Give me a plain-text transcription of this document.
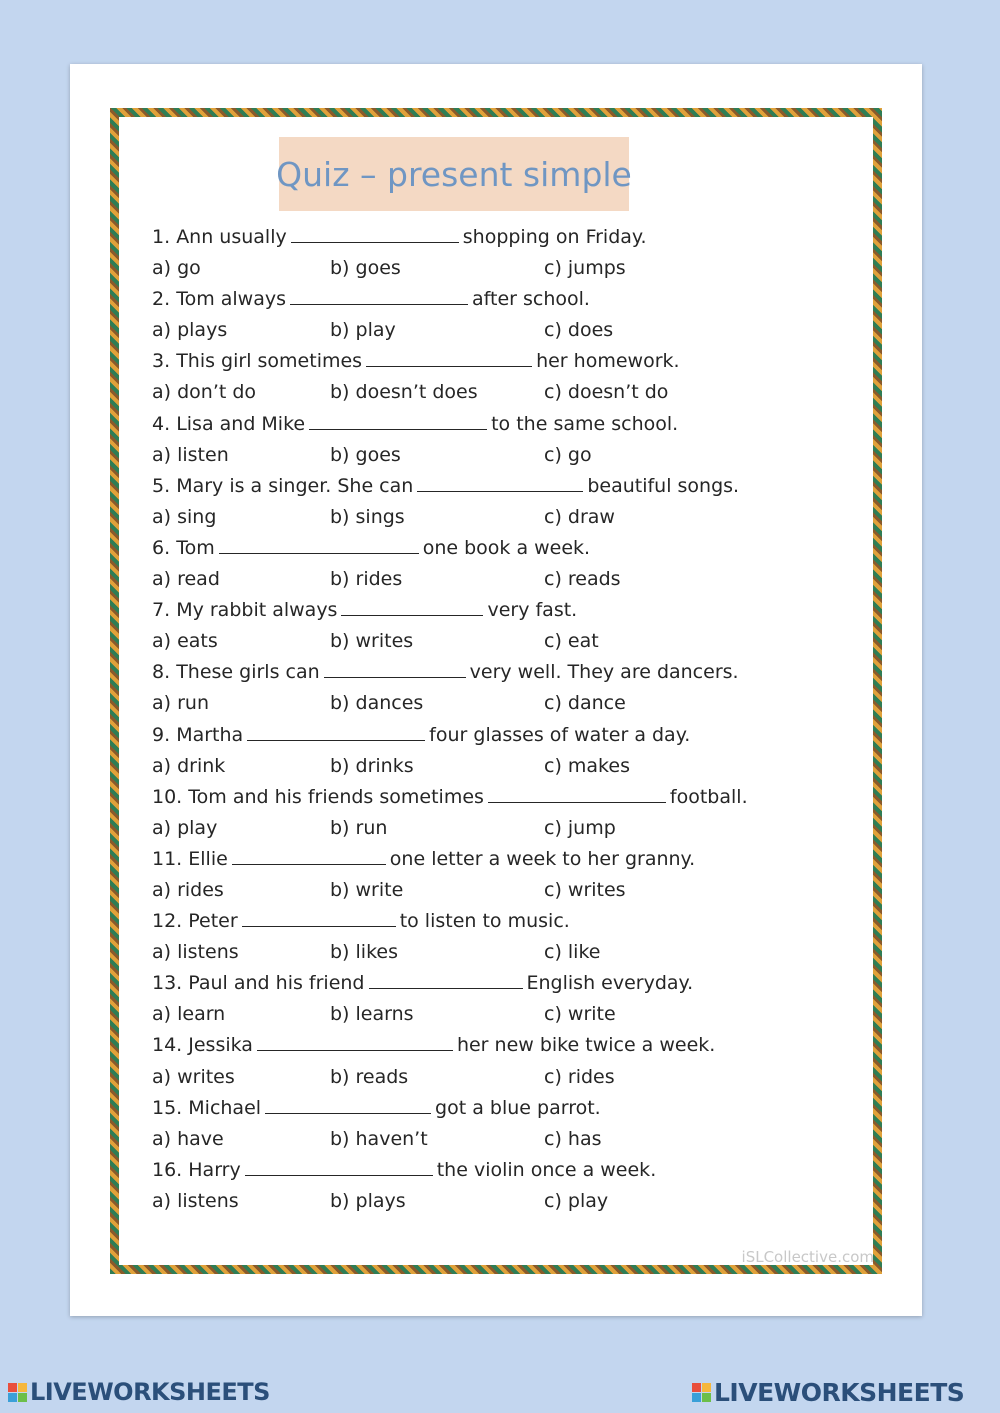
Quiz – present simple
1. Ann usually	shopping on Friday.
a) go	b) goes	c) jumps
2. Tom always	after school.
a) plays	b) play	c) does
3. This girl sometimes	her homework.
a) don’t do	b) doesn’t does	c) doesn’t do
4. Lisa and Mike	to the same school.
a) listen	b) goes	c) go
5. Mary is a singer. She can	beautiful songs.
a) sing	b) sings	c) draw
6. Tom	one book a week.
a) read	b) rides	c) reads
7. My rabbit always	very fast.
a) eats	b) writes	c) eat
8. These girls can	very well. They are dancers.
a) run	b) dances	c) dance
9. Martha	four glasses of water a day.
a) drink	b) drinks	c) makes
10. Tom and his friends sometimes	football.
a) play	b) run	c) jump
11. Ellie	one letter a week to her granny.
a) rides	b) write	c) writes
12. Peter	to listen to music.
a) listens	b) likes	c) like
13. Paul and his friend	English everyday.
a) learn	b) learns	c) write
14. Jessika	her new bike twice a week.
a) writes	b) reads	c) rides
15. Michael	got a blue parrot.
a) have	b) haven’t	c) has
16. Harry	the violin once a week.
a) listens	b) plays	c) play
iSLCollective.com
LIVEWORKSHEETS	LIVEWORKSHEETS
